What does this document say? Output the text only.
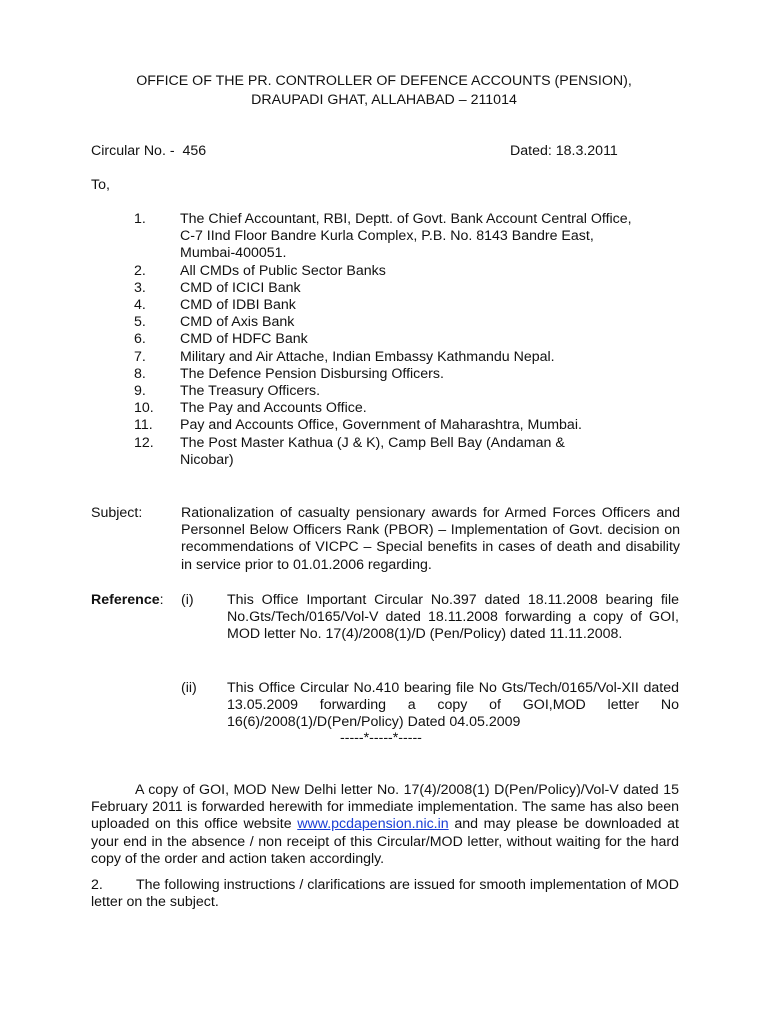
OFFICE OF THE PR. CONTROLLER OF DEFENCE ACCOUNTS (PENSION),
DRAUPADI GHAT, ALLAHABAD – 211014
Circular No. -  456	Dated: 18.3.2011
To,
1.	The Chief Accountant, RBI, Deptt. of Govt. Bank Account Central Office,
C-7 IInd Floor Bandre Kurla Complex, P.B. No. 8143 Bandre East,
Mumbai-400051.
2.	All CMDs of Public Sector Banks
3.	CMD of ICICI Bank
4.	CMD of IDBI Bank
5.	CMD of Axis Bank
6.	CMD of HDFC Bank
7.	Military and Air Attache, Indian Embassy Kathmandu Nepal.
8.	The Defence Pension Disbursing Officers.
9.	The Treasury Officers.
10.	The Pay and Accounts Office.
11.	Pay and Accounts Office, Government of Maharashtra, Mumbai.
12.	The Post Master Kathua (J & K), Camp Bell Bay (Andaman &
Nicobar)
Subject:	Rationalization of casualty pensionary awards for Armed Forces Officers and Personnel Below Officers Rank (PBOR) – Implementation of Govt. decision on recommendations of VICPC – Special benefits in cases of death and disability in service prior to 01.01.2006 regarding.
Reference: (i) This Office Important Circular No.397 dated 18.11.2008 bearing file No.Gts/Tech/0165/Vol-V dated 18.11.2008 forwarding a copy of GOI, MOD letter No. 17(4)/2008(1)/D (Pen/Policy) dated 11.11.2008.
(ii) This Office Circular No.410 bearing file No Gts/Tech/0165/Vol-XII dated 13.05.2009 forwarding a copy of GOI,MOD letter No 16(6)/2008(1)/D(Pen/Policy) Dated 04.05.2009
-----*-----*-----
A copy of GOI, MOD New Delhi letter No. 17(4)/2008(1) D(Pen/Policy)/Vol-V dated 15 February 2011 is forwarded herewith for immediate implementation. The same has also been uploaded on this office website www.pcdapension.nic.in and may please be downloaded at your end in the absence / non receipt of this Circular/MOD letter, without waiting for the hard copy of the order and action taken accordingly.
2. The following instructions / clarifications are issued for smooth implementation of MOD letter on the subject.
